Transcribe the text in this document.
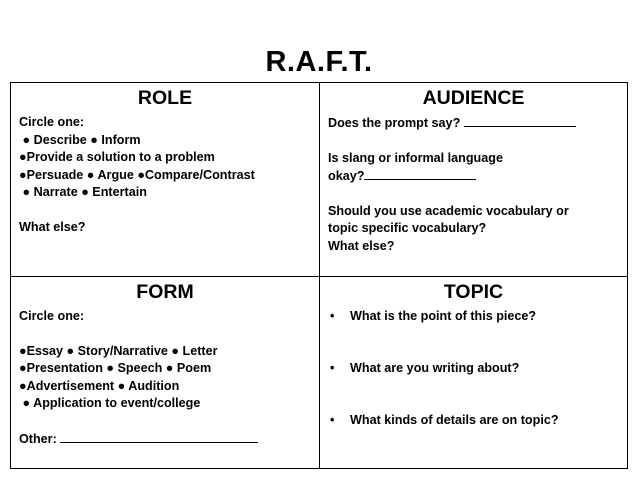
R.A.F.T.
ROLE
Circle one:
● Describe ● Inform
●Provide a solution to a problem
●Persuade ● Argue ●Compare/Contrast
● Narrate ● Entertain
What else?
AUDIENCE
Does the prompt say?
Is slang or informal language
okay?
Should you use academic vocabulary or
topic specific vocabulary?
What else?
FORM
Circle one:
●Essay ● Story/Narrative ● Letter
●Presentation ● Speech ● Poem
●Advertisement ● Audition
● Application to event/college
Other:
TOPIC
• What is the point of this piece?
• What are you writing about?
• What kinds of details are on topic?
